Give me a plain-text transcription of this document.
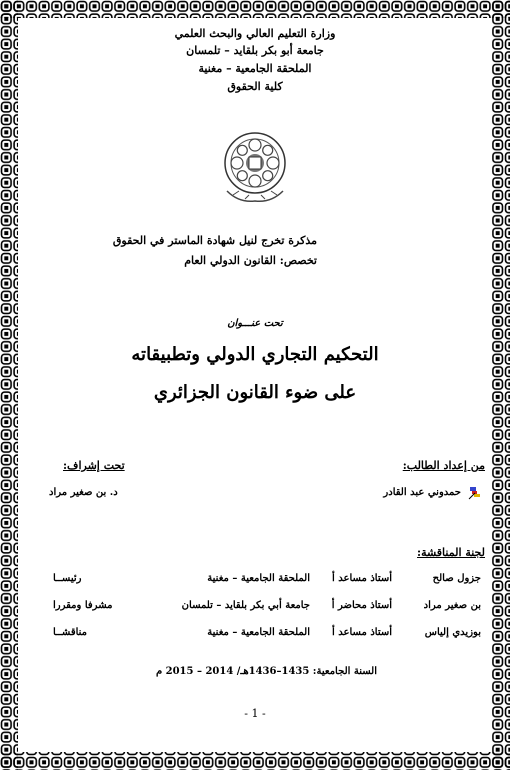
وزارة التعليم العالي والبحث العلمي
جامعة أبو بكر بلقايد – تلمسان
الملحقة الجامعية – مغنية
كلية الحقوق
مذكرة تخرج لنيل شهادة الماستر في الحقوق
تخصص: القانون الدولي العام
تحت عنـــوان
التحكيم التجاري الدولي وتطبيقاته
على ضوء القانون الجزائري
من إعداد الطالب:
تحت إشراف:
حمدوني عبد القادر
د. بن صغير مراد
لجنة المناقشة:
جزول صالح
أستاذ مساعد أ
الملحقة الجامعية – مغنية
رئيســا
بن صغير مراد
أستاذ محاضر أ
جامعة أبي بكر بلقايد – تلمسان
مشرفا ومقررا
بوزيدي إلياس
أستاذ مساعد أ
الملحقة الجامعية – مغنية
مناقشــا
السنة الجامعية: 1435–1436هـ/ 2014 – 2015 م
- 1 -
